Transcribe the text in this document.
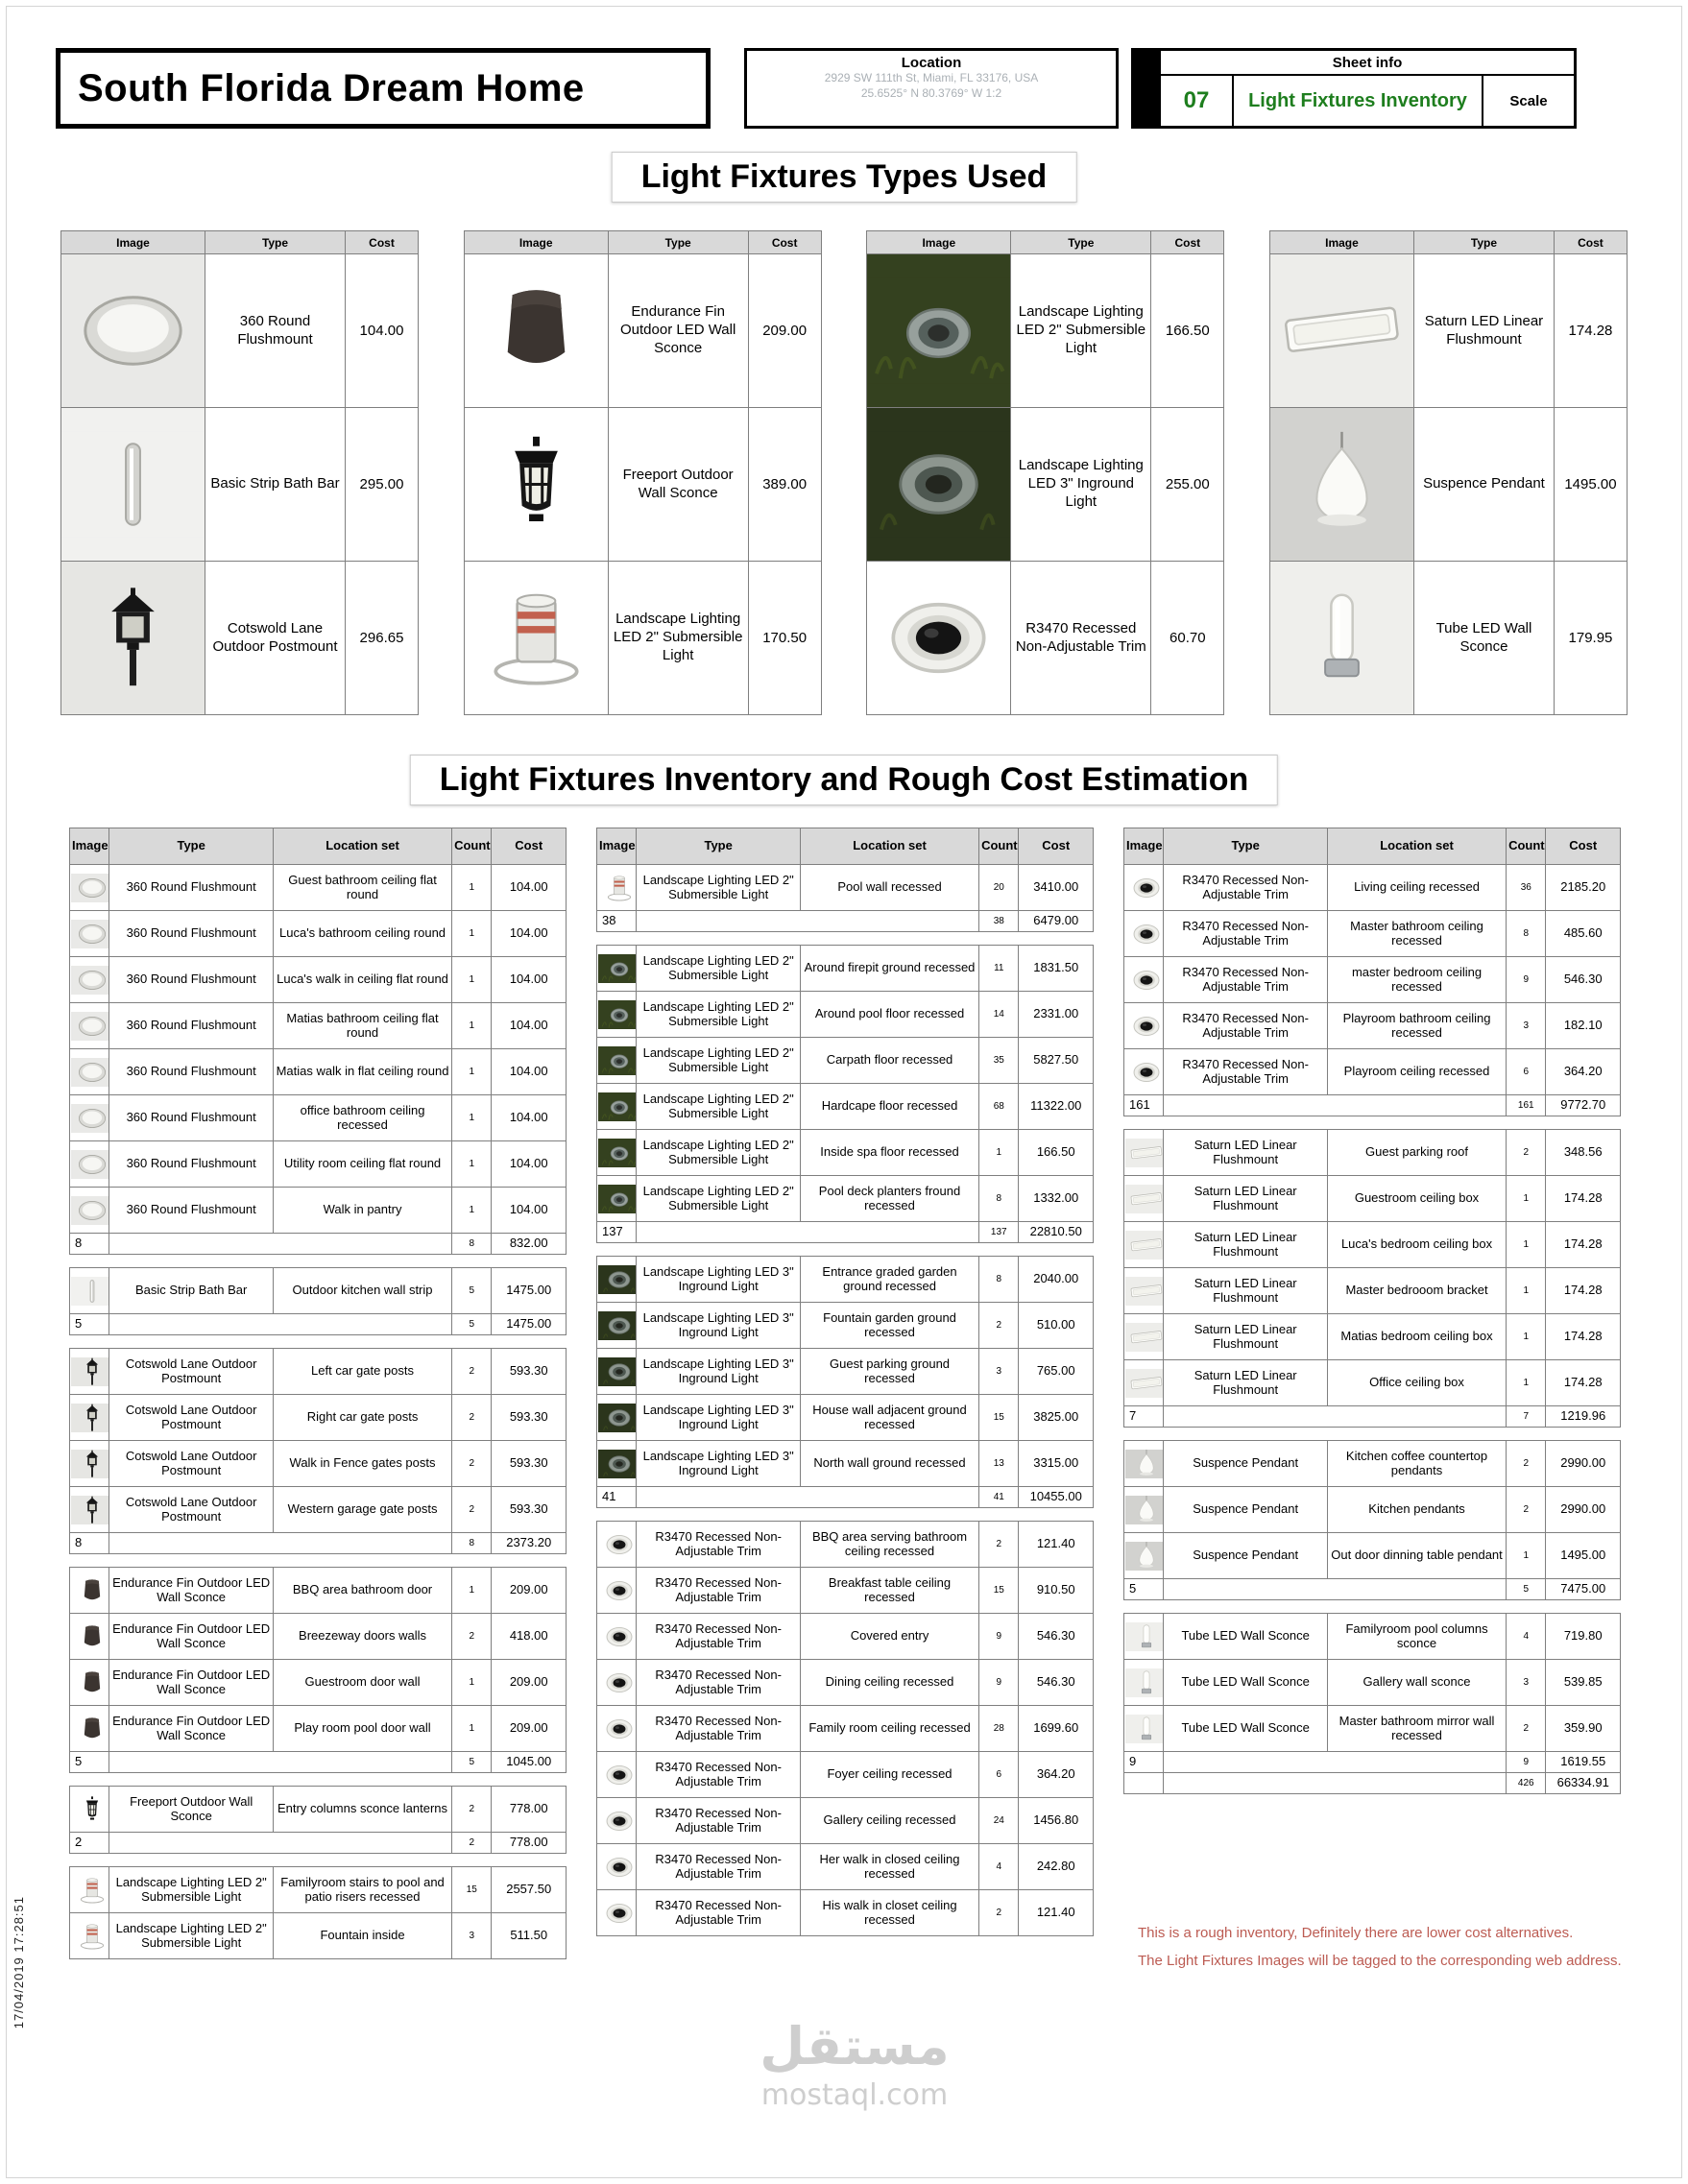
South Florida Dream Home
Location
2929 SW 111th St, Miami, FL 33176, USA
25.6525° N 80.3769° W 1:2
Sheet info
07	Light Fixtures Inventory	Scale
Light Fixtures Types Used
Image	Type	Cost

	360 Round Flushmount	104.00

	Basic Strip Bath Bar	295.00

	Cotswold Lane Outdoor Postmount	296.65
Image	Type	Cost

	Endurance Fin Outdoor LED Wall Sconce	209.00

	Freeport Outdoor Wall Sconce	389.00

	Landscape Lighting LED 2" Submersible Light	170.50
Image	Type	Cost

	Landscape Lighting LED 2" Submersible Light	166.50

	Landscape Lighting LED 3" Inground Light	255.00

	R3470 Recessed Non-Adjustable Trim	60.70
Image	Type	Cost

	Saturn LED Linear Flushmount	174.28

	Suspence Pendant	1495.00

	Tube LED Wall Sconce	179.95
Light Fixtures Inventory and Rough Cost Estimation
Image	Type	Location set	Count	Cost

	360 Round Flushmount	Guest bathroom ceiling flat round	1	104.00

	360 Round Flushmount	Luca's bathroom ceiling round	1	104.00

	360 Round Flushmount	Luca's walk in ceiling flat round	1	104.00

	360 Round Flushmount	Matias bathroom ceiling flat round	1	104.00

	360 Round Flushmount	Matias walk in flat ceiling round	1	104.00

	360 Round Flushmount	office bathroom ceiling recessed	1	104.00

	360 Round Flushmount	Utility room ceiling flat round	1	104.00

	360 Round Flushmount	Walk in pantry	1	104.00
8			8	832.00
	Basic Strip Bath Bar	Outdoor kitchen wall strip	5	1475.00
5			5	1475.00
	Cotswold Lane Outdoor Postmount	Left car gate posts	2	593.30

	Cotswold Lane Outdoor Postmount	Right car gate posts	2	593.30

	Cotswold Lane Outdoor Postmount	Walk in Fence gates posts	2	593.30

	Cotswold Lane Outdoor Postmount	Western garage gate posts	2	593.30
8			8	2373.20
	Endurance Fin Outdoor LED Wall Sconce	BBQ area bathroom door	1	209.00

	Endurance Fin Outdoor LED Wall Sconce	Breezeway doors walls	2	418.00

	Endurance Fin Outdoor LED Wall Sconce	Guestroom door wall	1	209.00

	Endurance Fin Outdoor LED Wall Sconce	Play room pool door wall	1	209.00
5			5	1045.00
	Freeport Outdoor Wall Sconce	Entry columns sconce lanterns	2	778.00
2			2	778.00
	Landscape Lighting LED 2" Submersible Light	Familyroom stairs to pool and patio risers recessed	15	2557.50

	Landscape Lighting LED 2" Submersible Light	Fountain inside	3	511.50
Image	Type	Location set	Count	Cost

	Landscape Lighting LED 2" Submersible Light	Pool wall recessed	20	3410.00
38			38	6479.00
	Landscape Lighting LED 2" Submersible Light	Around firepit ground recessed	11	1831.50

	Landscape Lighting LED 2" Submersible Light	Around pool floor recessed	14	2331.00

	Landscape Lighting LED 2" Submersible Light	Carpath floor recessed	35	5827.50

	Landscape Lighting LED 2" Submersible Light	Hardcape floor recessed	68	11322.00

	Landscape Lighting LED 2" Submersible Light	Inside spa floor recessed	1	166.50

	Landscape Lighting LED 2" Submersible Light	Pool deck planters fround recessed	8	1332.00
137			137	22810.50
	Landscape Lighting LED 3" Inground Light	Entrance graded garden ground recessed	8	2040.00

	Landscape Lighting LED 3" Inground Light	Fountain garden ground recessed	2	510.00

	Landscape Lighting LED 3" Inground Light	Guest parking ground recessed	3	765.00

	Landscape Lighting LED 3" Inground Light	House wall adjacent ground recessed	15	3825.00

	Landscape Lighting LED 3" Inground Light	North wall ground recessed	13	3315.00
41			41	10455.00
	R3470 Recessed Non-Adjustable Trim	BBQ area serving bathroom ceiling recessed	2	121.40

	R3470 Recessed Non-Adjustable Trim	Breakfast table ceiling recessed	15	910.50

	R3470 Recessed Non-Adjustable Trim	Covered entry	9	546.30

	R3470 Recessed Non-Adjustable Trim	Dining ceiling recessed	9	546.30

	R3470 Recessed Non-Adjustable Trim	Family room ceiling recessed	28	1699.60

	R3470 Recessed Non-Adjustable Trim	Foyer ceiling recessed	6	364.20

	R3470 Recessed Non-Adjustable Trim	Gallery ceiling recessed	24	1456.80

	R3470 Recessed Non-Adjustable Trim	Her walk in closed ceiling recessed	4	242.80

	R3470 Recessed Non-Adjustable Trim	His walk in closet ceiling recessed	2	121.40
Image	Type	Location set	Count	Cost

	R3470 Recessed Non-Adjustable Trim	Living ceiling recessed	36	2185.20

	R3470 Recessed Non-Adjustable Trim	Master bathroom ceiling recessed	8	485.60

	R3470 Recessed Non-Adjustable Trim	master bedroom ceiling recessed	9	546.30

	R3470 Recessed Non-Adjustable Trim	Playroom bathroom ceiling recessed	3	182.10

	R3470 Recessed Non-Adjustable Trim	Playroom ceiling recessed	6	364.20
161			161	9772.70
	Saturn LED Linear Flushmount	Guest parking roof	2	348.56

	Saturn LED Linear Flushmount	Guestroom ceiling box	1	174.28

	Saturn LED Linear Flushmount	Luca's bedroom ceiling box	1	174.28

	Saturn LED Linear Flushmount	Master bedrooom bracket	1	174.28

	Saturn LED Linear Flushmount	Matias bedroom ceiling box	1	174.28

	Saturn LED Linear Flushmount	Office ceiling box	1	174.28
7			7	1219.96
	Suspence Pendant	Kitchen coffee countertop pendants	2	2990.00

	Suspence Pendant	Kitchen pendants	2	2990.00

	Suspence Pendant	Out door dinning table pendant	1	1495.00
5			5	7475.00
	Tube LED Wall Sconce	Familyroom pool columns sconce	4	719.80

	Tube LED Wall Sconce	Gallery wall sconce	3	539.85

	Tube LED Wall Sconce	Master bathroom mirror wall recessed	2	359.90
9			9	1619.55
			426	66334.91
This is a rough inventory, Definitely there are lower cost alternatives.
The Light Fixtures Images will be tagged to the corresponding web address.
17/04/2019 17:28:51
مستقل
mostaql.com
